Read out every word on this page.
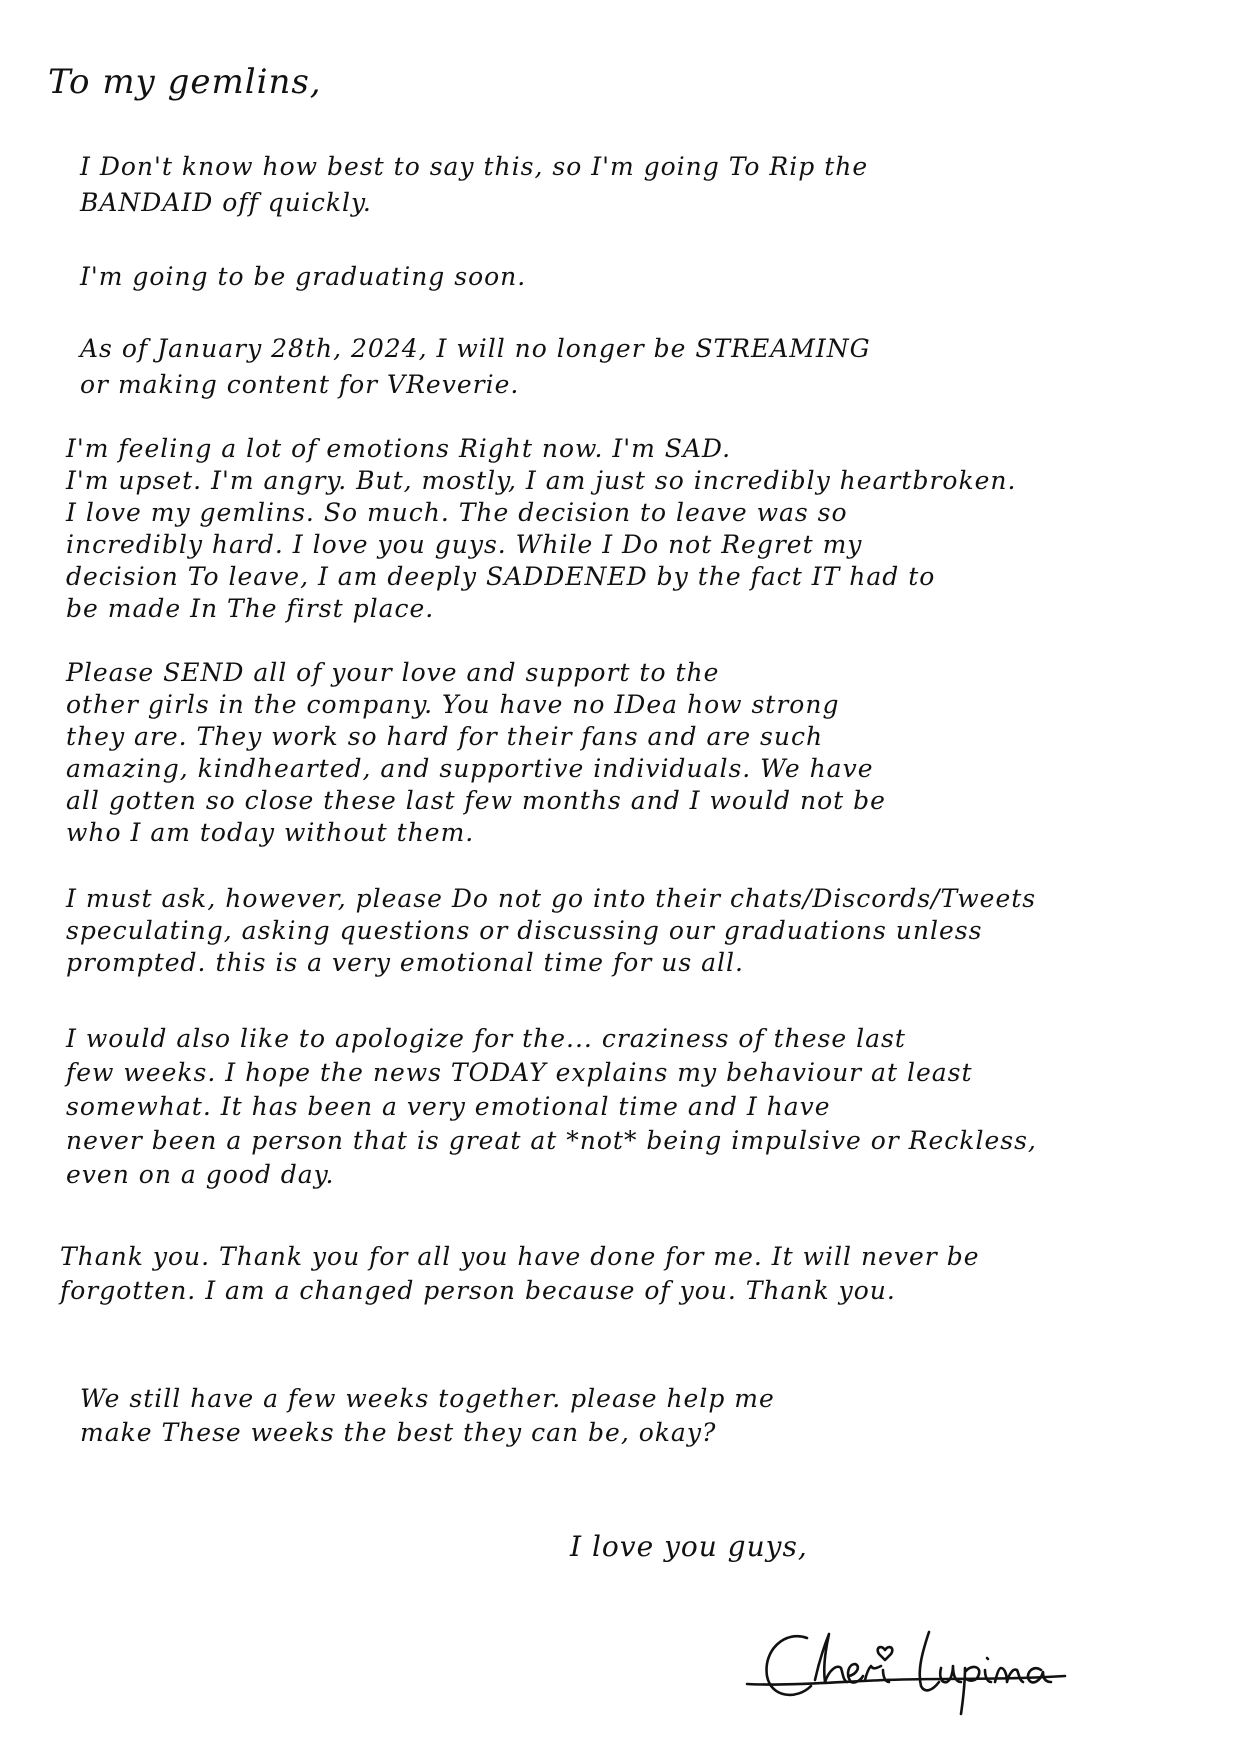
To my gemlins,
I Don't know how best to say this, so I'm going To Rip the
BANDAID off quickly.
I'm going to be graduating soon.
As of January 28th, 2024, I will no longer be STREAMING
or making content for VReverie.
I'm feeling a lot of emotions Right now. I'm SAD.
I'm upset. I'm angry. But, mostly, I am just so incredibly heartbroken.
I love my gemlins. So much. The decision to leave was so
incredibly hard. I love you guys. While I Do not Regret my
decision To leave, I am deeply SADDENED by the fact IT had to
be made In The first place.
Please SEND all of your love and support to the
other girls in the company. You have no IDea how strong
they are. They work so hard for their fans and are such
amazing, kindhearted, and supportive individuals. We have
all gotten so close these last few months and I would not be
who I am today without them.
I must ask, however, please Do not go into their chats/Discords/Tweets
speculating, asking questions or discussing our graduations unless
prompted. this is a very emotional time for us all.
I would also like to apologize for the... craziness of these last
few weeks. I hope the news TODAY explains my behaviour at least
somewhat. It has been a very emotional time and I have
never been a person that is great at *not* being impulsive or Reckless,
even on a good day.
Thank you. Thank you for all you have done for me. It will never be
forgotten. I am a changed person because of you. Thank you.
We still have a few weeks together. please help me
make These weeks the best they can be, okay?
I love you guys,
